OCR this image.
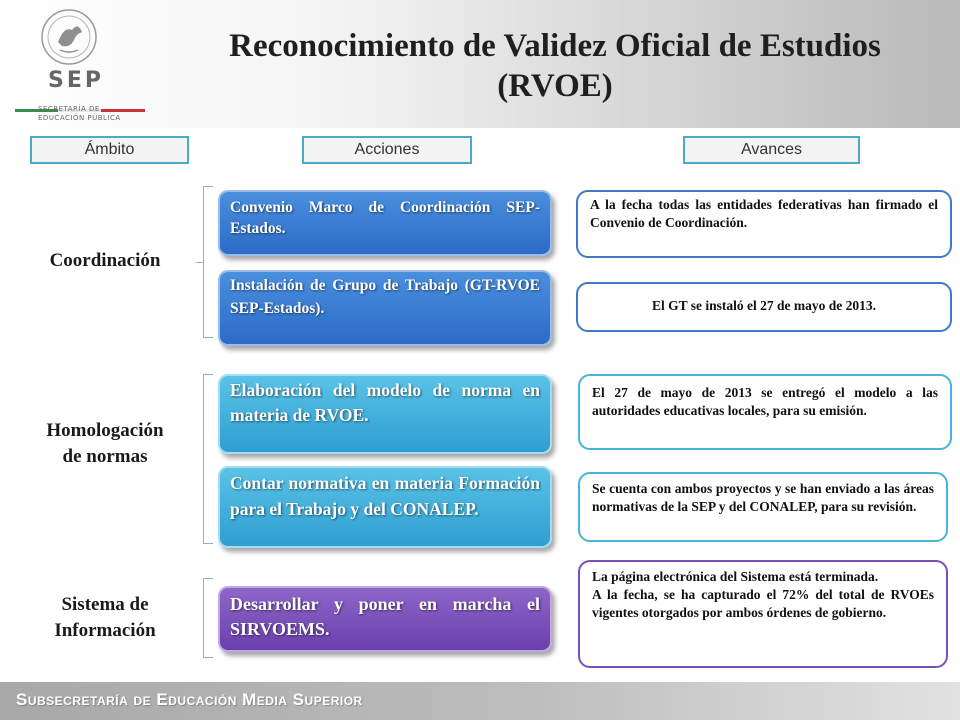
SEP
SECRETARÍA DE
EDUCACIÓN PÚBLICA
Reconocimiento de Validez Oficial de Estudios
(RVOE)
Ámbito	Acciones	Avances
Coordinación
Homologación
de normas
Sistema de
Información
Convenio Marco de Coordinación SEP-Estados.
Instalación de Grupo de Trabajo (GT-RVOE SEP-Estados).
Elaboración del modelo de norma en materia de RVOE.
Contar normativa en materia Formación para el Trabajo y del CONALEP.
Desarrollar y poner en marcha el SIRVOEMS.
A la fecha todas las entidades federativas han firmado el Convenio de Coordinación.
El GT se instaló el 27 de mayo de 2013.
El 27 de mayo de 2013 se entregó el modelo a las autoridades educativas locales, para su emisión.
Se cuenta con ambos proyectos y se han enviado a las áreas normativas de la SEP y del CONALEP, para su revisión.
La página electrónica del Sistema está terminada.
A la fecha, se ha capturado el 72% del total de RVOEs vigentes otorgados por ambos órdenes de gobierno.
Subsecretaría de Educación Media Superior
